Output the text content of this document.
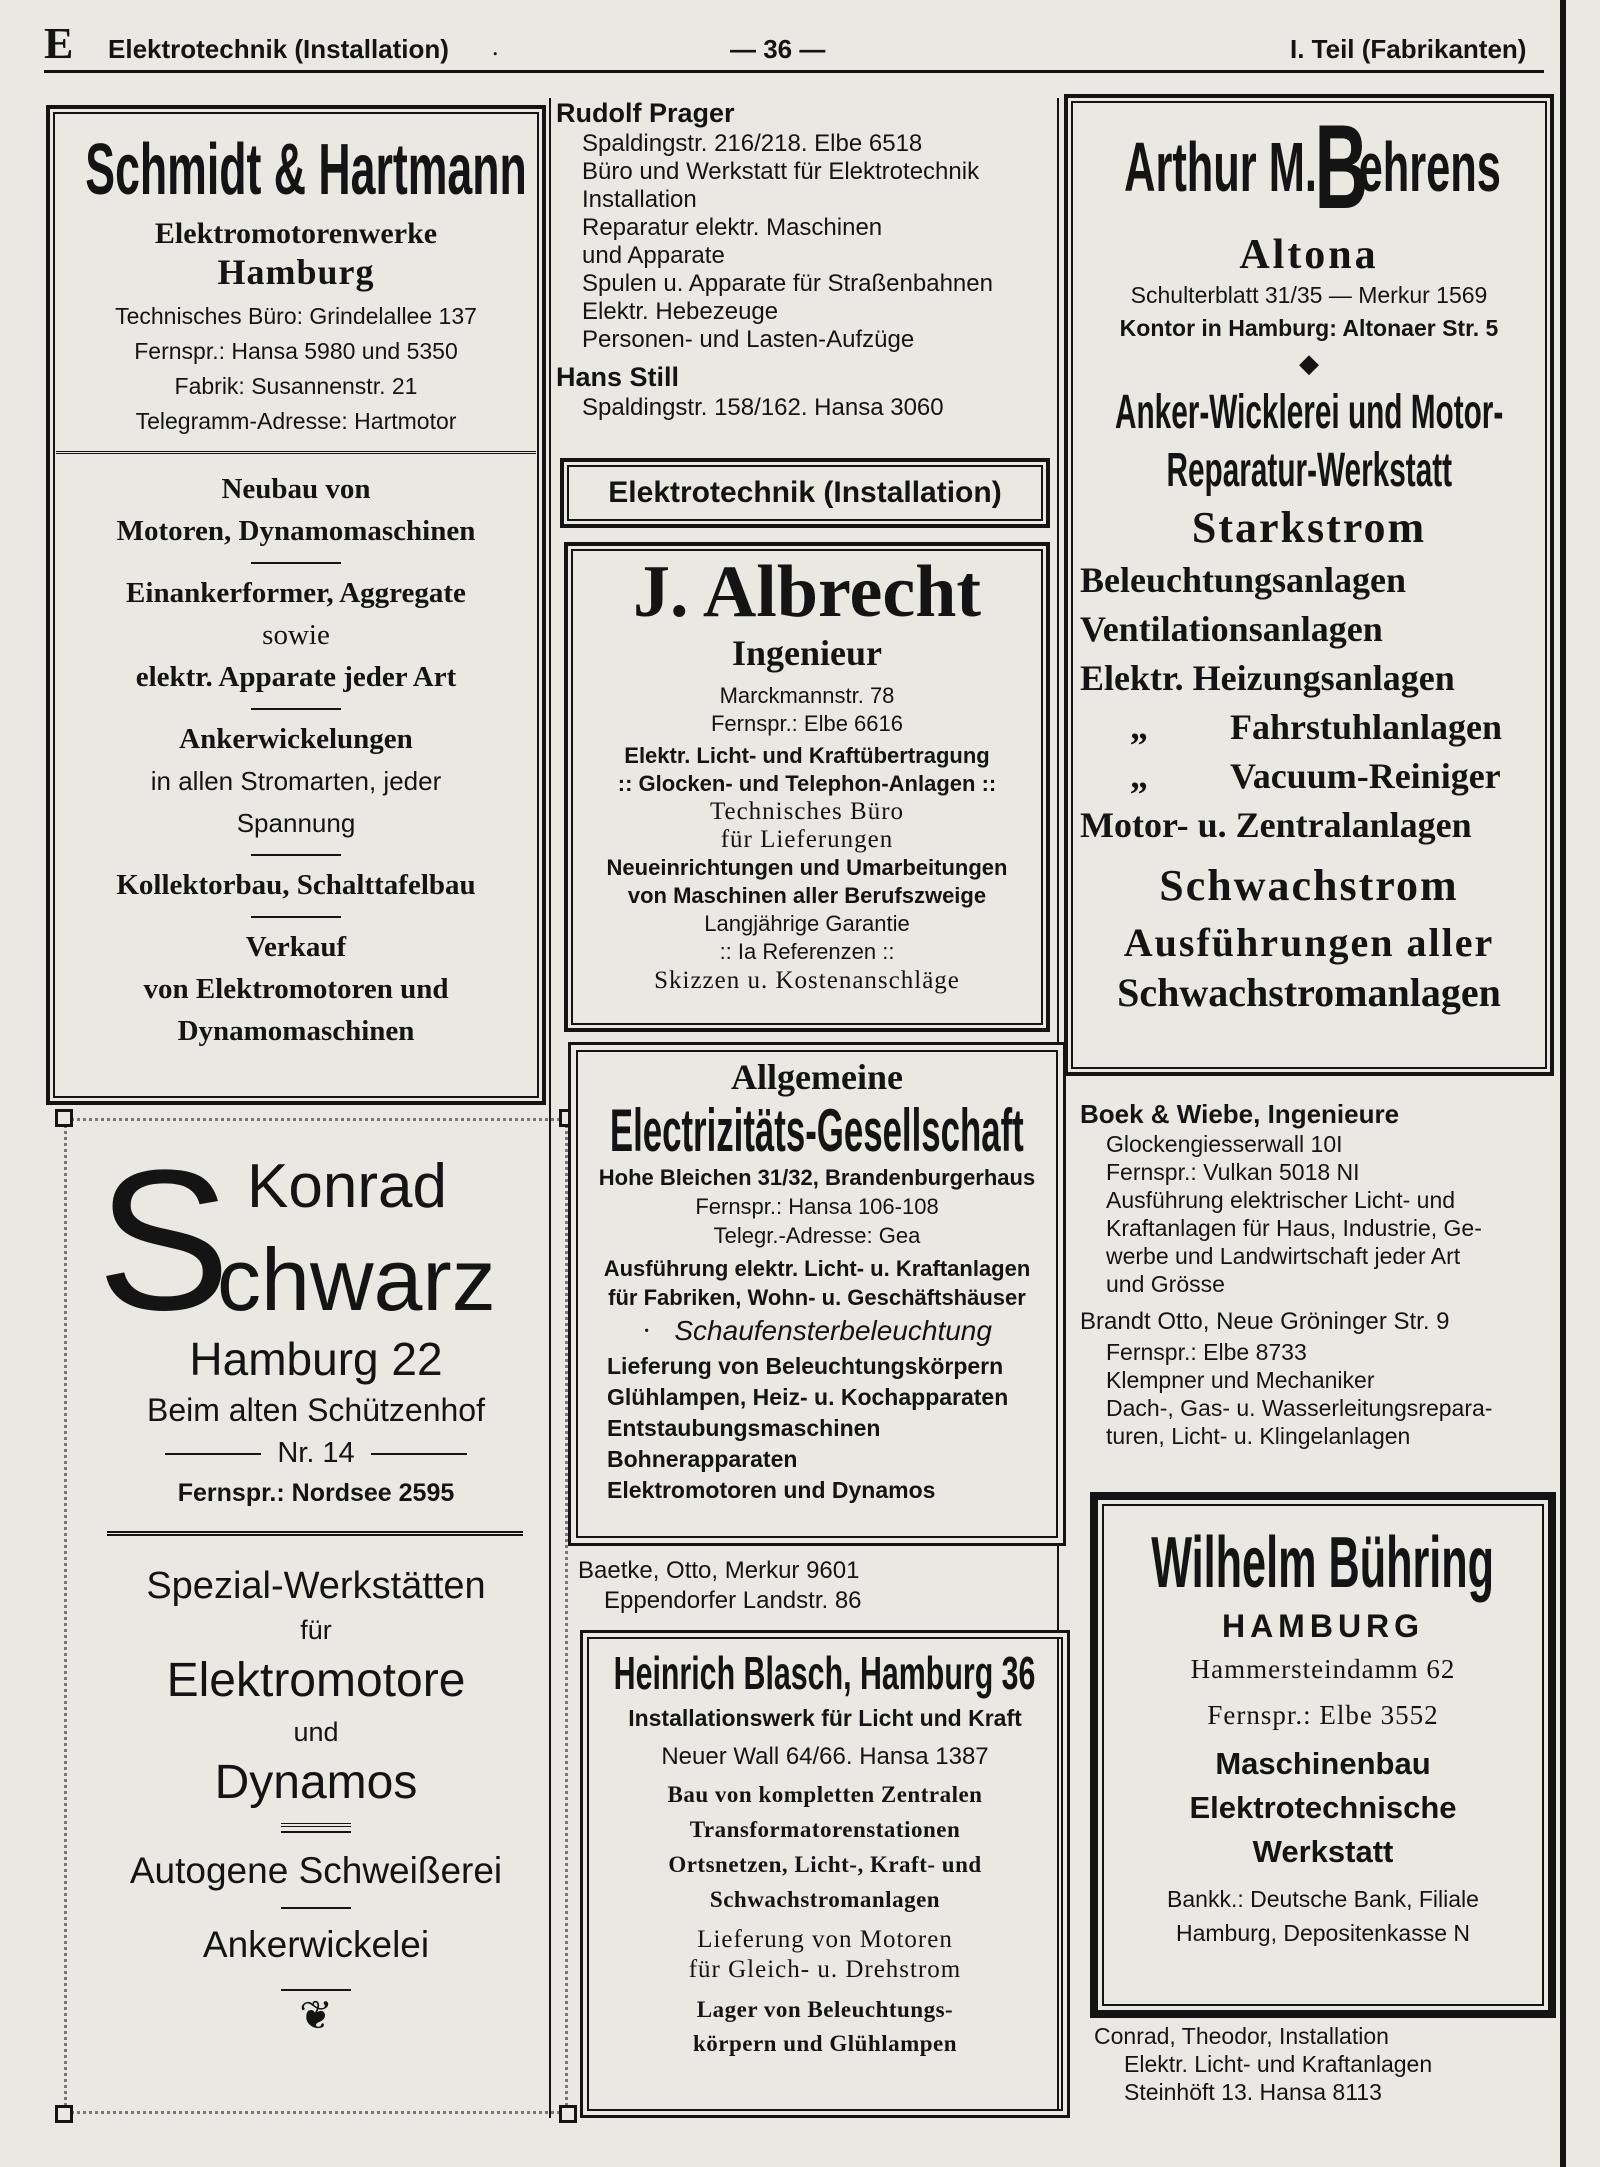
E Elektrotechnik (Installation) .	— 36 —	I. Teil (Fabrikanten)
Schmidt & Hartmann
Elektromotorenwerke
Hamburg
Technisches Büro: Grindelallee 137
Fernspr.: Hansa 5980 und 5350
Fabrik: Susannenstr. 21
Telegramm-Adresse: Hartmotor
Neubau von
Motoren, Dynamomaschinen
Einankerformer, Aggregate
sowie
elektr. Apparate jeder Art
Ankerwickelungen
in allen Stromarten, jeder
Spannung
Kollektorbau, Schalttafelbau
Verkauf
von Elektromotoren und
Dynamomaschinen
S Konrad
chwarz
Hamburg 22
Beim alten Schützenhof
Nr. 14
Fernspr.: Nordsee 2595
Spezial-Werkstätten
für
Elektromotore
und
Dynamos
Autogene Schweißerei
Ankerwickelei
❦
Rudolf Prager
Spaldingstr. 216/218. Elbe 6518
Büro und Werkstatt für Elektrotechnik
Installation
Reparatur elektr. Maschinen
und Apparate
Spulen u. Apparate für Straßenbahnen
Elektr. Hebezeuge
Personen- und Lasten-Aufzüge
Hans Still
Spaldingstr. 158/162. Hansa 3060
Elektrotechnik (Installation)
J. Albrecht
Ingenieur
Marckmannstr. 78
Fernspr.: Elbe 6616
Elektr. Licht- und Kraftübertragung
:: Glocken- und Telephon-Anlagen ::
Technisches Büro
für Lieferungen
Neueinrichtungen und Umarbeitungen
von Maschinen aller Berufszweige
Langjährige Garantie
:: Ia Referenzen ::
Skizzen u. Kostenanschläge
Allgemeine
Electrizitäts-Gesellschaft
Hohe Bleichen 31/32, Brandenburgerhaus
Fernspr.: Hansa 106-108
Telegr.-Adresse: Gea
Ausführung elektr. Licht- u. Kraftanlagen
für Fabriken, Wohn- u. Geschäftshäuser
· Schaufensterbeleuchtung
Lieferung von Beleuchtungskörpern
Glühlampen, Heiz- u. Kochapparaten
Entstaubungsmaschinen
Bohnerapparaten
Elektromotoren und Dynamos
Baetke, Otto, Merkur 9601
Eppendorfer Landstr. 86
Heinrich Blasch, Hamburg 36
Installationswerk für Licht und Kraft
Neuer Wall 64/66. Hansa 1387
Bau von kompletten Zentralen
Transformatorenstationen
Ortsnetzen, Licht-, Kraft- und
Schwachstromanlagen
Lieferung von Motoren
für Gleich- u. Drehstrom
Lager von Beleuchtungs-
körpern und Glühlampen
Arthur M.Behrens
Altona
Schulterblatt 31/35 — Merkur 1569
Kontor in Hamburg: Altonaer Str. 5
◆
Anker-Wicklerei und Motor-
Reparatur-Werkstatt
Starkstrom
Beleuchtungsanlagen
Ventilationsanlagen
Elektr. Heizungsanlagen
„ Fahrstuhlanlagen
„ Vacuum-Reiniger
Motor- u. Zentralanlagen
Schwachstrom
Ausführungen aller
Schwachstromanlagen
Boek & Wiebe, Ingenieure
Glockengiesserwall 10I
Fernspr.: Vulkan 5018 NI
Ausführung elektrischer Licht- und
Kraftanlagen für Haus, Industrie, Ge-
werbe und Landwirtschaft jeder Art
und Grösse
Brandt Otto, Neue Gröninger Str. 9
Fernspr.: Elbe 8733
Klempner und Mechaniker
Dach-, Gas- u. Wasserleitungsrepara-
turen, Licht- u. Klingelanlagen
Wilhelm Bühring
HAMBURG
Hammersteindamm 62
Fernspr.: Elbe 3552
Maschinenbau
Elektrotechnische
Werkstatt
Bankk.: Deutsche Bank, Filiale
Hamburg, Depositenkasse N
Conrad, Theodor, Installation
Elektr. Licht- und Kraftanlagen
Steinhöft 13. Hansa 8113
